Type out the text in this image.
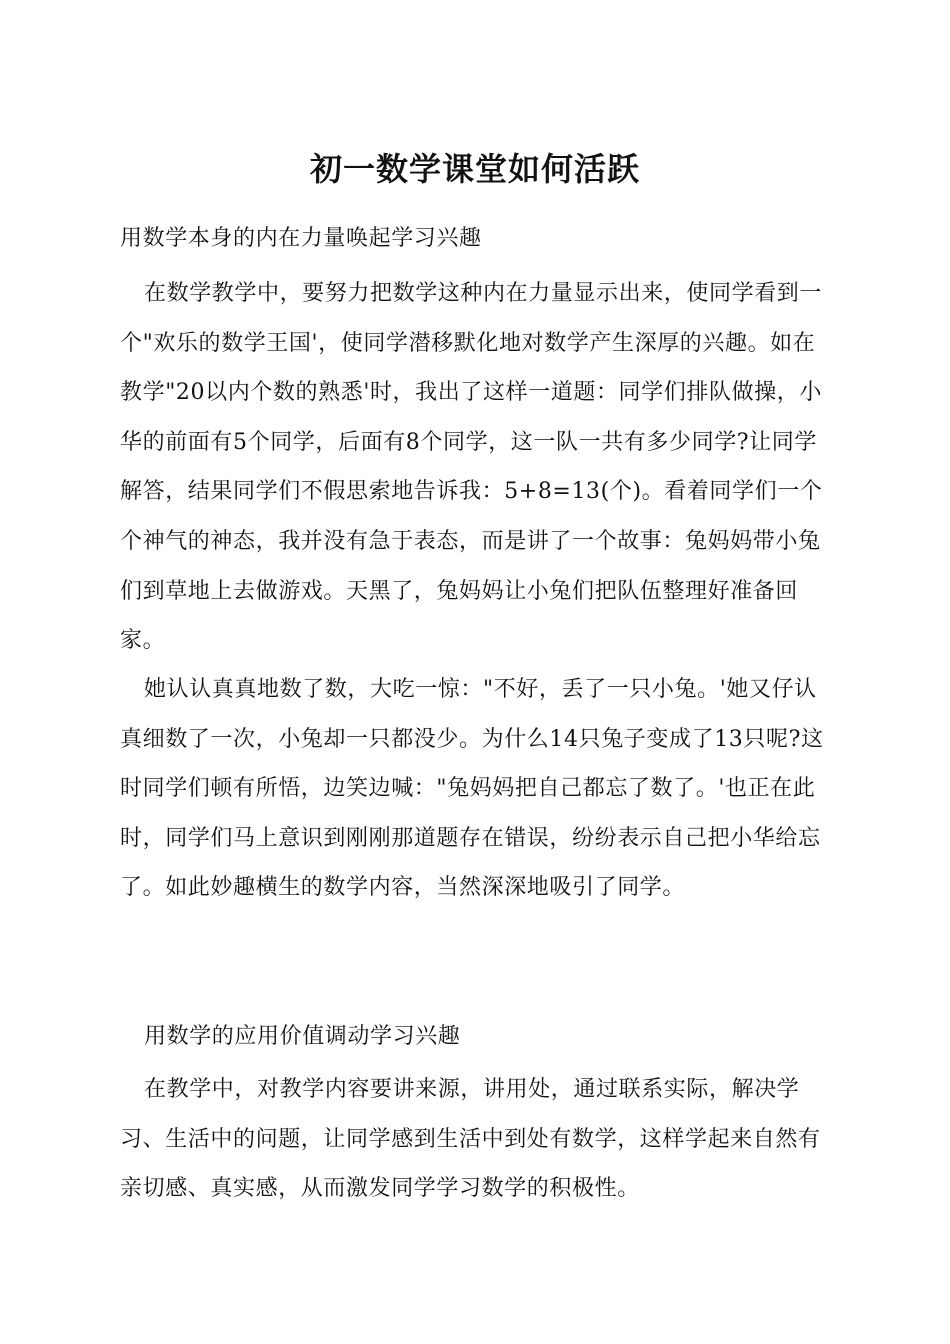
初一数学课堂如何活跃
用数学本身的内在力量唤起学习兴趣
在数学教学中，要努力把数学这种内在力量显示出来，使同学看到一个"欢乐的数学王国'，使同学潜移默化地对数学产生深厚的兴趣。如在教学"20以内个数的熟悉'时，我出了这样一道题：同学们排队做操，小华的前面有5个同学，后面有8个同学，这一队一共有多少同学?让同学解答，结果同学们不假思索地告诉我：5+8=13(个)。看着同学们一个个神气的神态，我并没有急于表态，而是讲了一个故事：兔妈妈带小兔们到草地上去做游戏。天黑了，兔妈妈让小兔们把队伍整理好准备回家。
她认认真真地数了数，大吃一惊："不好，丢了一只小兔。'她又仔认真细数了一次，小兔却一只都没少。为什么14只兔子变成了13只呢?这时同学们顿有所悟，边笑边喊："兔妈妈把自己都忘了数了。'也正在此时，同学们马上意识到刚刚那道题存在错误，纷纷表示自己把小华给忘了。如此妙趣横生的数学内容，当然深深地吸引了同学。
用数学的应用价值调动学习兴趣
在教学中，对教学内容要讲来源，讲用处，通过联系实际，解决学习、生活中的问题，让同学感到生活中到处有数学，这样学起来自然有亲切感、真实感，从而激发同学学习数学的积极性。
